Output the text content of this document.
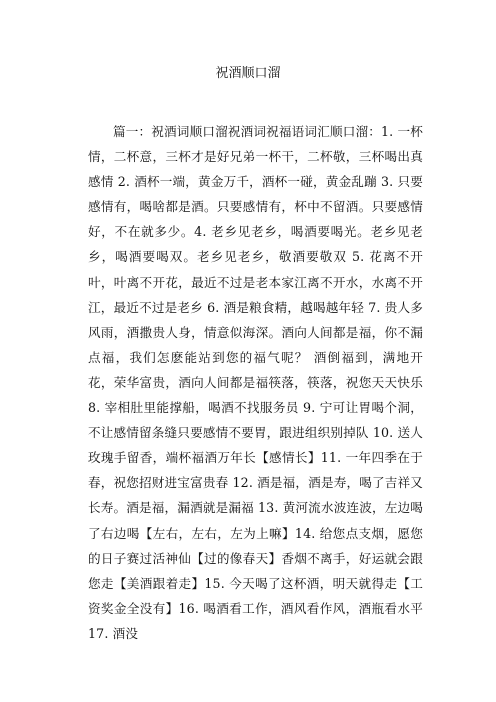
祝酒顺口溜

篇一：祝酒词顺口溜祝酒词祝福语词汇顺口溜：1. 一杯情，二杯意，三杯才是好兄弟一杯干，二杯敬，三杯喝出真感情 2. 酒杯一端，黄金万千，酒杯一碰，黄金乱蹦 3. 只要感情有，喝啥都是酒。只要感情有，杯中不留酒。只要感情好，不在就多少。4. 老乡见老乡，喝酒要喝光。老乡见老乡，喝酒要喝双。老乡见老乡，敬酒要敬双 5. 花离不开叶，叶离不开花，最近不过是老本家江离不开水，水离不开江，最近不过是老乡 6. 酒是粮食精，越喝越年轻 7. 贵人多风雨，酒撒贵人身，情意似海深。酒向人间都是福，你不漏点福，我们怎麽能站到您的福气呢？ 酒倒福到，满地开花，荣华富贵，酒向人间都是福筷落，筷落，祝您天天快乐 8. 宰相肚里能撑船，喝酒不找服务员 9. 宁可让胃喝个洞，不让感情留条缝只要感情不要胃，跟进组织别掉队 10. 送人玫瑰手留香，端杯福酒万年长【感情长】11. 一年四季在于春，祝您招财进宝富贵春 12. 酒是福，酒是寿，喝了吉祥又长寿。酒是福，漏酒就是漏福 13. 黄河流水波连波，左边喝了右边喝【左右，左右，左为上嘛】14. 给您点支烟，愿您的日子赛过活神仙【过的像春天】香烟不离手，好运就会跟您走【美酒跟着走】15. 今天喝了这杯酒，明天就得走【工资奖金全没有】16. 喝酒看工作，酒风看作风，酒瓶看水平 17. 酒没
